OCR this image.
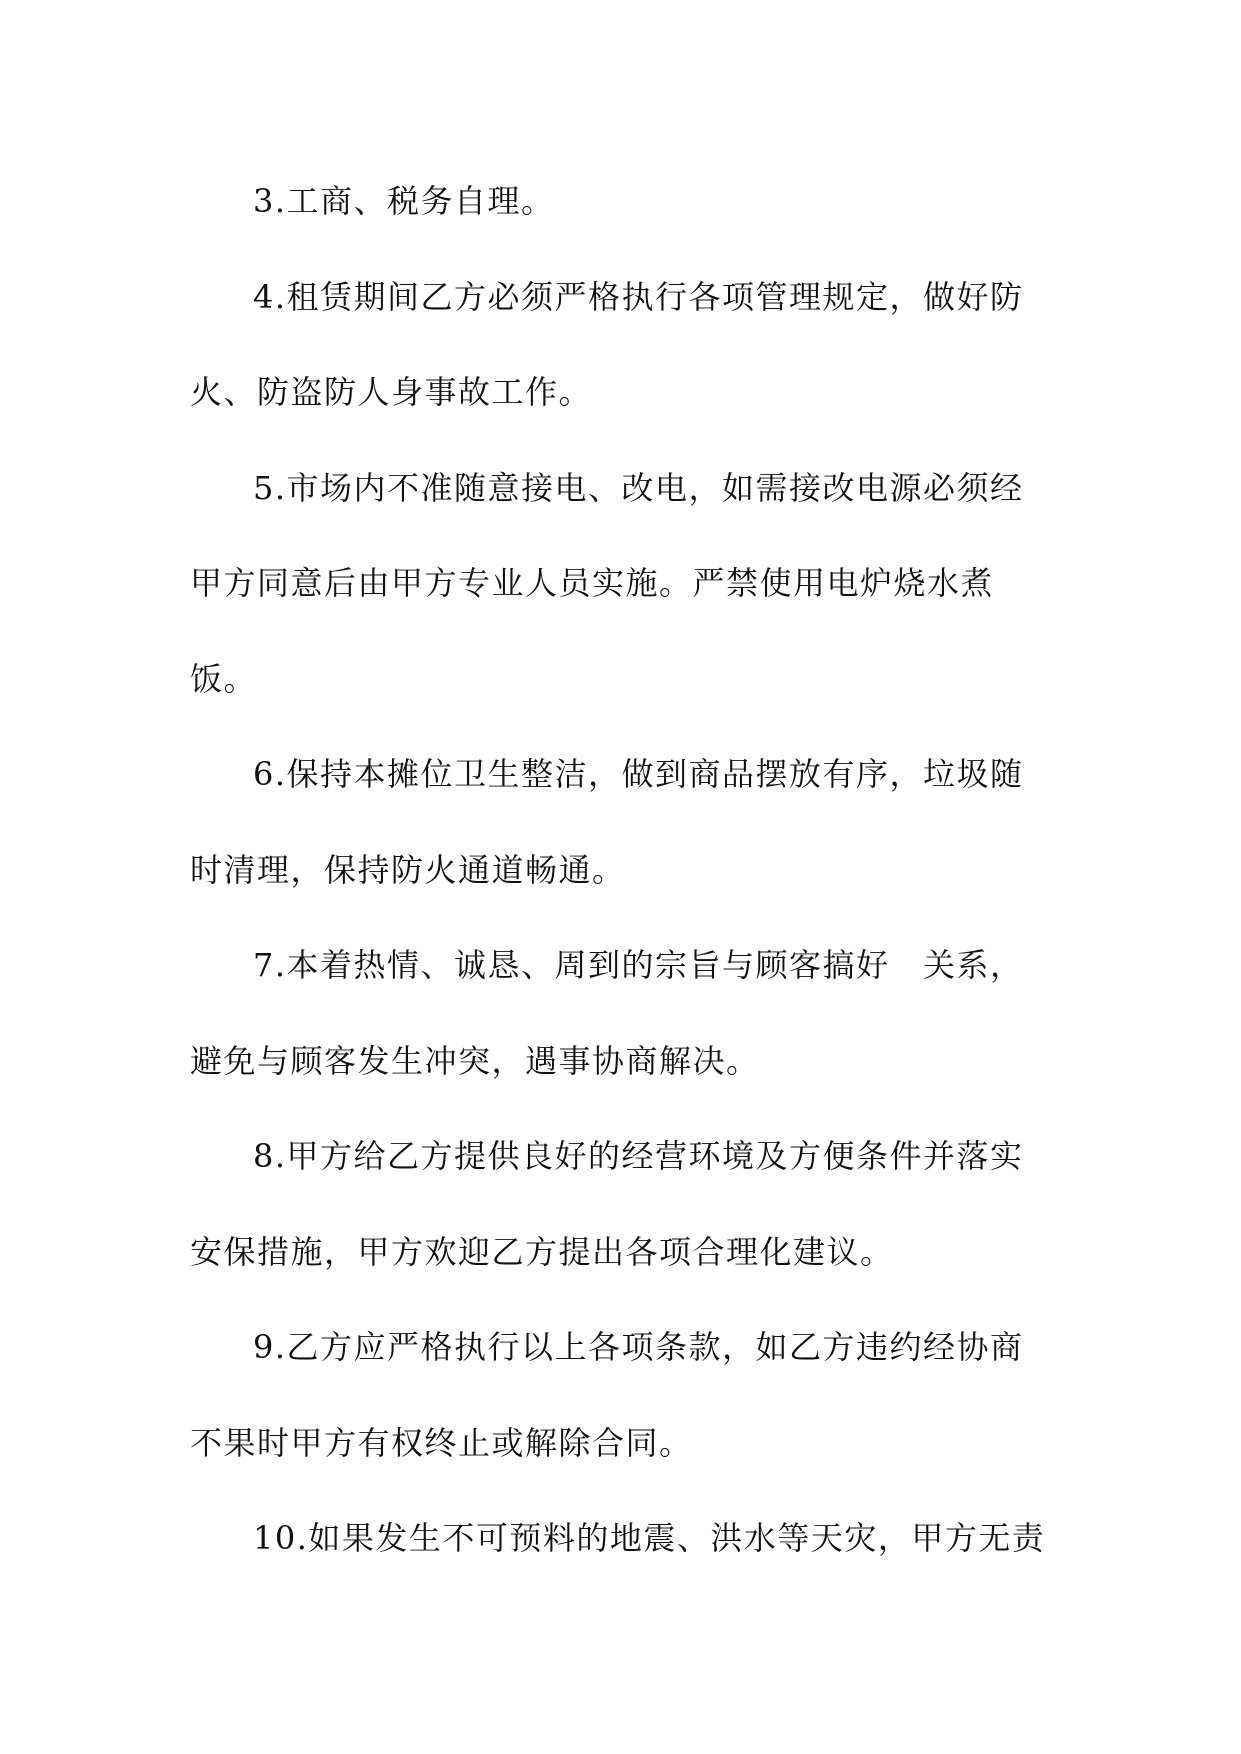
3.工商、税务自理。
4.租赁期间乙方必须严格执行各项管理规定，做好防
火、防盗防人身事故工作。
5.市场内不准随意接电、改电，如需接改电源必须经
甲方同意后由甲方专业人员实施。严禁使用电炉烧水煮
饭。
6.保持本摊位卫生整洁，做到商品摆放有序，垃圾随
时清理，保持防火通道畅通。
7.本着热情、诚恳、周到的宗旨与顾客搞好　关系，
避免与顾客发生冲突，遇事协商解决。
8.甲方给乙方提供良好的经营环境及方便条件并落实
安保措施，甲方欢迎乙方提出各项合理化建议。
9.乙方应严格执行以上各项条款，如乙方违约经协商
不果时甲方有权终止或解除合同。
10.如果发生不可预料的地震、洪水等天灾，甲方无责
